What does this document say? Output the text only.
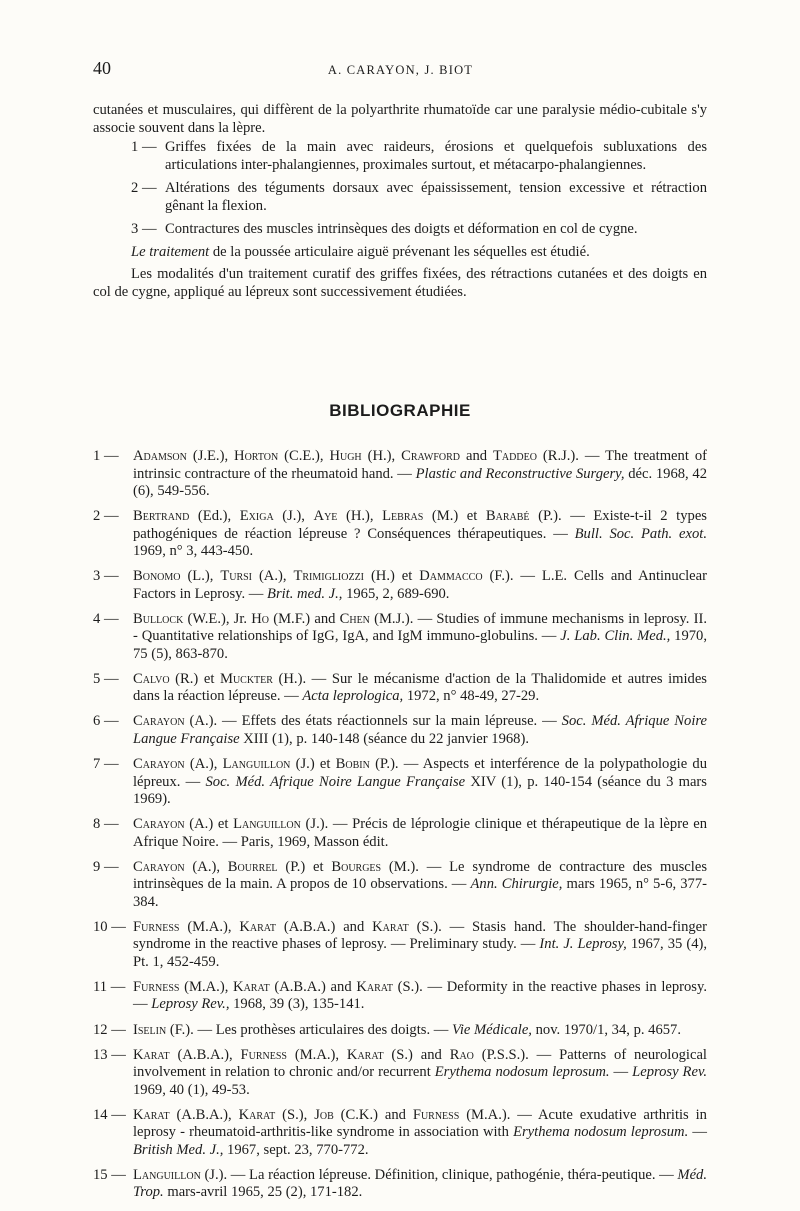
40	A. CARAYON, J. BIOT

cutanées et musculaires, qui diffèrent de la polyarthrite rhumatoïde car une paralysie médio-cubitale s'y associe souvent dans la lèpre.

1 — Griffes fixées de la main avec raideurs, érosions et quelquefois subluxations des articulations inter-phalangiennes, proximales surtout, et métacarpo-phalangiennes.

2 — Altérations des téguments dorsaux avec épaississement, tension excessive et rétraction gênant la flexion.

3 — Contractures des muscles intrinsèques des doigts et déformation en col de cygne.

Le traitement de la poussée articulaire aiguë prévenant les séquelles est étudié.

Les modalités d'un traitement curatif des griffes fixées, des rétractions cutanées et des doigts en col de cygne, appliqué au lépreux sont successivement étudiées.

BIBLIOGRAPHIE
1 — Adamson (J.E.), Horton (C.E.), Hugh (H.), Crawford and Taddeo (R.J.). — The treatment of intrinsic contracture of the rheumatoid hand. — Plastic and Reconstructive Surgery, déc. 1968, 42 (6), 549-556.
2 — Bertrand (Ed.), Exiga (J.), Aye (H.), Lebras (M.) et Barabé (P.). — Existe-t-il 2 types pathogéniques de réaction lépreuse ? Conséquences thérapeutiques. — Bull. Soc. Path. exot. 1969, n° 3, 443-450.
3 — Bonomo (L.), Tursi (A.), Trimigliozzi (H.) et Dammacco (F.). — L.E. Cells and Antinuclear Factors in Leprosy. — Brit. med. J., 1965, 2, 689-690.
4 — Bullock (W.E.), Jr. Ho (M.F.) and Chen (M.J.). — Studies of immune mechanisms in leprosy. II. - Quantitative relationships of IgG, IgA, and IgM immuno-globulins. — J. Lab. Clin. Med., 1970, 75 (5), 863-870.
5 — Calvo (R.) et Muckter (H.). — Sur le mécanisme d'action de la Thalidomide et autres imides dans la réaction lépreuse. — Acta leprologica, 1972, n° 48-49, 27-29.
6 — Carayon (A.). — Effets des états réactionnels sur la main lépreuse. — Soc. Méd. Afrique Noire Langue Française XIII (1), p. 140-148 (séance du 22 janvier 1968).
7 — Carayon (A.), Languillon (J.) et Bobin (P.). — Aspects et interférence de la polypathologie du lépreux. — Soc. Méd. Afrique Noire Langue Française XIV (1), p. 140-154 (séance du 3 mars 1969).
8 — Carayon (A.) et Languillon (J.). — Précis de léprologie clinique et thérapeutique de la lèpre en Afrique Noire. — Paris, 1969, Masson édit.
9 — Carayon (A.), Bourrel (P.) et Bourges (M.). — Le syndrome de contracture des muscles intrinsèques de la main. A propos de 10 observations. — Ann. Chirurgie, mars 1965, n° 5-6, 377-384.
10 — Furness (M.A.), Karat (A.B.A.) and Karat (S.). — Stasis hand. The shoulder-hand-finger syndrome in the reactive phases of leprosy. — Preliminary study. — Int. J. Leprosy, 1967, 35 (4), Pt. 1, 452-459.
11 — Furness (M.A.), Karat (A.B.A.) and Karat (S.). — Deformity in the reactive phases in leprosy. — Leprosy Rev., 1968, 39 (3), 135-141.
12 — Iselin (F.). — Les prothèses articulaires des doigts. — Vie Médicale, nov. 1970/1, 34, p. 4657.
13 — Karat (A.B.A.), Furness (M.A.), Karat (S.) and Rao (P.S.S.). — Patterns of neurological involvement in relation to chronic and/or recurrent Erythema nodosum leprosum. — Leprosy Rev. 1969, 40 (1), 49-53.
14 — Karat (A.B.A.), Karat (S.), Job (C.K.) and Furness (M.A.). — Acute exudative arthritis in leprosy - rheumatoid-arthritis-like syndrome in association with Erythema nodosum leprosum. — British Med. J., 1967, sept. 23, 770-772.
15 — Languillon (J.). — La réaction lépreuse. Définition, clinique, pathogénie, théra-peutique. — Méd. Trop. mars-avril 1965, 25 (2), 171-182.
